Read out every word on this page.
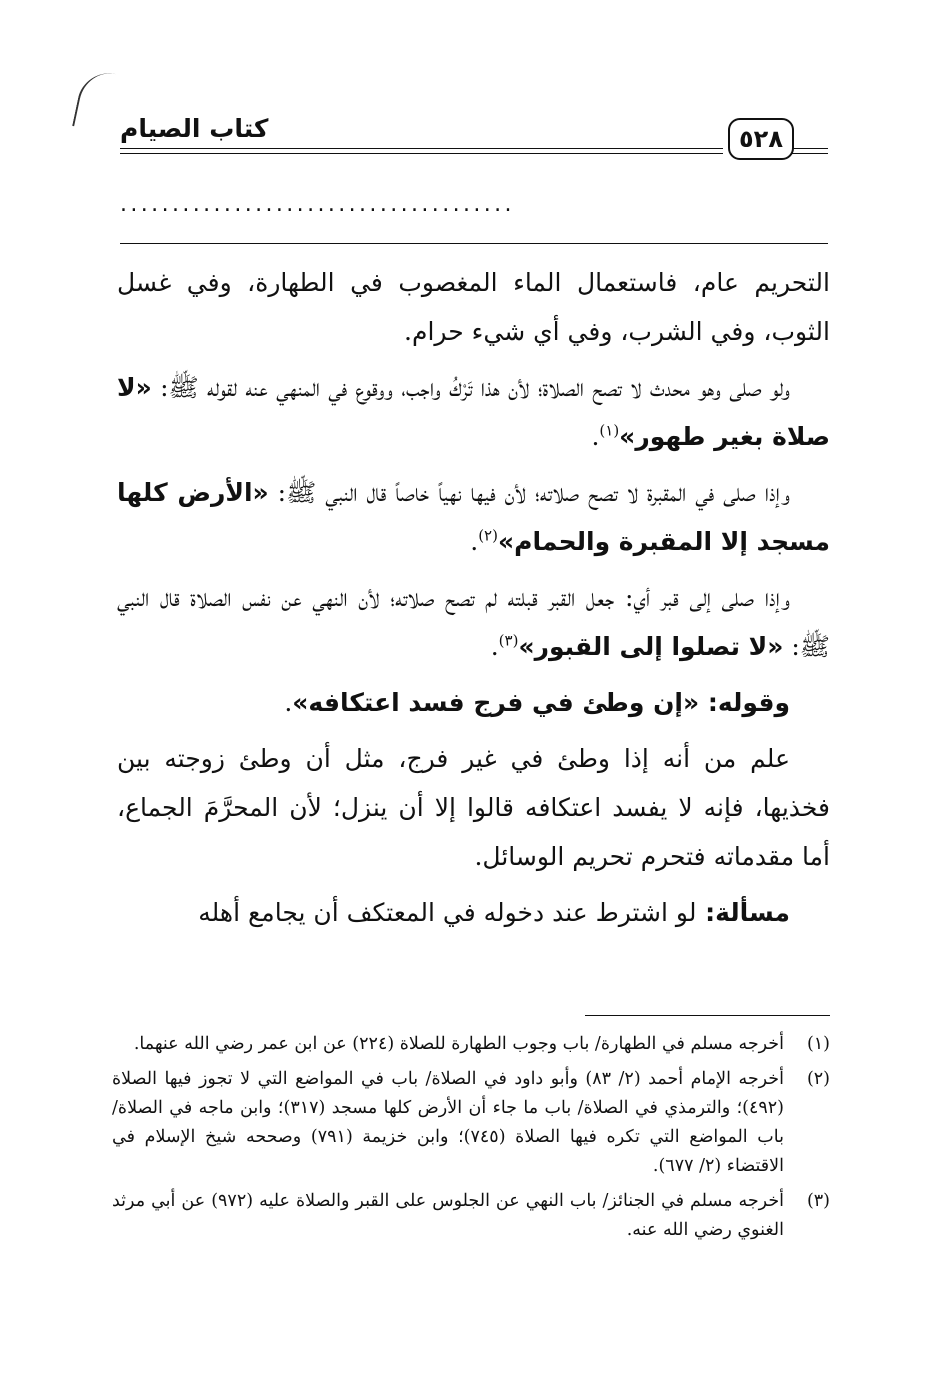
كتاب الصيام	٥٢٨
......................................

التحريم عام، فاستعمال الماء المغصوب في الطهارة، وفي غسل الثوب، وفي الشرب، وفي أي شيء حرام.

ولو صلى وهو محدث لا تصح الصلاة؛ لأن هذا تَرْكُ واجب، ووقوع في المنهي عنه لقوله ﷺ: «لا صلاة بغير طهور»$^{(١)}$.

وإذا صلى في المقبرة لا تصح صلاته؛ لأن فيها نهياً خاصاً قال النبي ﷺ: «الأرض كلها مسجد إلا المقبرة والحمام»$^{(٢)}$.

وإذا صلى إلى قبر أي: جعل القبر قبلته لم تصح صلاته؛ لأن النهي عن نفس الصلاة قال النبي ﷺ: «لا تصلوا إلى القبور»$^{(٣)}$.

وقوله: «إن وطئ في فرج فسد اعتكافه».

علم من أنه إذا وطئ في غير فرج، مثل أن وطئ زوجته بين فخذيها، فإنه لا يفسد اعتكافه قالوا إلا أن ينزل؛ لأن المحرَّمَ الجماع، أما مقدماته فتحرم تحريم الوسائل.

مسألة: لو اشترط عند دخوله في المعتكف أن يجامع أهله

(١)
أخرجه مسلم في الطهارة/ باب وجوب الطهارة للصلاة (٢٢٤) عن ابن عمر رضي الله عنهما.
(٢)
أخرجه الإمام أحمد (٢/ ٨٣) وأبو داود في الصلاة/ باب في المواضع التي لا تجوز فيها الصلاة (٤٩٢)؛ والترمذي في الصلاة/ باب ما جاء أن الأرض كلها مسجد (٣١٧)؛ وابن ماجه في الصلاة/ باب المواضع التي تكره فيها الصلاة (٧٤٥)؛ وابن خزيمة (٧٩١) وصححه شيخ الإسلام في الاقتضاء (٢/ ٦٧٧).
(٣)
أخرجه مسلم في الجنائز/ باب النهي عن الجلوس على القبر والصلاة عليه (٩٧٢) عن أبي مرثد الغنوي رضي الله عنه.
